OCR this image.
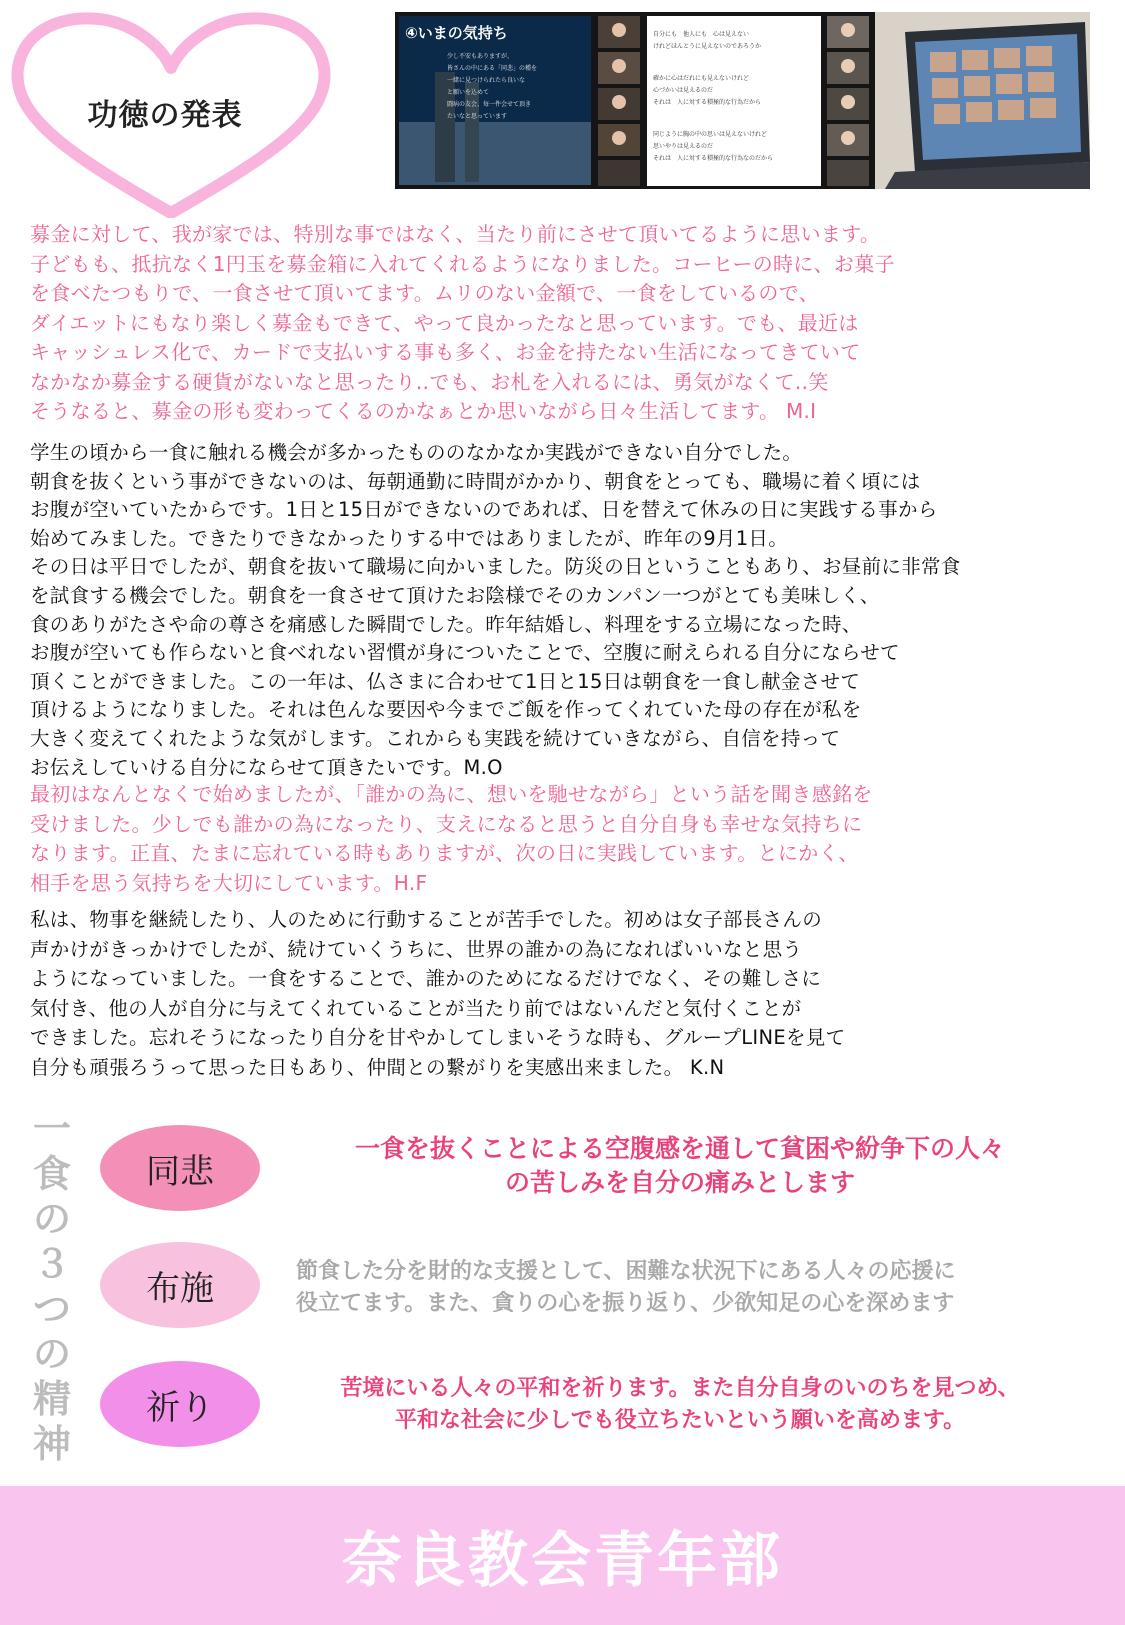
功徳の発表
④いまの気持ち
少し不安もありますが、
皆さんの中にある「同悲」の種を
一緒に見つけられたら良いな
と願いを込めて
闘病の友会、毎一件会せて頂き
たいなと思っています
自分にも　他人にも　心は見えない
けれどほんとうに見えないのであろうか
確かに心はだれにも見えないけれど
心づかいは見えるのだ
それは　人に対する積極的な行為だから
同じように胸の中の思いは見えないけれど
思いやりは見えるのだ
それは　人に対する積極的な行為なのだから
募金に対して、我が家では、特別な事ではなく、当たり前にさせて頂いてるように思います。
子どもも、抵抗なく1円玉を募金箱に入れてくれるようになりました。コーヒーの時に、お菓子
を食べたつもりで、一食させて頂いてます。ムリのない金額で、一食をしているので、
ダイエットにもなり楽しく募金もできて、やって良かったなと思っています。でも、最近は
キャッシュレス化で、カードで支払いする事も多く、お金を持たない生活になってきていて
なかなか募金する硬貨がないなと思ったり‥でも、お札を入れるには、勇気がなくて‥笑
そうなると、募金の形も変わってくるのかなぁとか思いながら日々生活してます。 M.I
学生の頃から一食に触れる機会が多かったもののなかなか実践ができない自分でした。
朝食を抜くという事ができないのは、毎朝通勤に時間がかかり、朝食をとっても、職場に着く頃には
お腹が空いていたからです。1日と15日ができないのであれば、日を替えて休みの日に実践する事から
始めてみました。できたりできなかったりする中ではありましたが、昨年の9月1日。
その日は平日でしたが、朝食を抜いて職場に向かいました。防災の日ということもあり、お昼前に非常食
を試食する機会でした。朝食を一食させて頂けたお陰様でそのカンパン一つがとても美味しく、
食のありがたさや命の尊さを痛感した瞬間でした。昨年結婚し、料理をする立場になった時、
お腹が空いても作らないと食べれない習慣が身についたことで、空腹に耐えられる自分にならせて
頂くことができました。この一年は、仏さまに合わせて1日と15日は朝食を一食し献金させて
頂けるようになりました。それは色んな要因や今までご飯を作ってくれていた母の存在が私を
大きく変えてくれたような気がします。これからも実践を続けていきながら、自信を持って
お伝えしていける自分にならせて頂きたいです。M.O
最初はなんとなくで始めましたが、「誰かの為に、想いを馳せながら」という話を聞き感銘を
受けました。少しでも誰かの為になったり、支えになると思うと自分自身も幸せな気持ちに
なります。正直、たまに忘れている時もありますが、次の日に実践しています。とにかく、
相手を思う気持ちを大切にしています。H.F
私は、物事を継続したり、人のために行動することが苦手でした。初めは女子部長さんの
声かけがきっかけでしたが、続けていくうちに、世界の誰かの為になればいいなと思う
ようになっていました。一食をすることで、誰かのためになるだけでなく、その難しさに
気付き、他の人が自分に与えてくれていることが当たり前ではないんだと気付くことが
できました。忘れそうになったり自分を甘やかしてしまいそうな時も、グループLINEを見て
自分も頑張ろうって思った日もあり、仲間との繋がりを実感出来ました。 K.N
一
食
の
３
つ
の
精
神
同悲
一食を抜くことによる空腹感を通して貧困や紛争下の人々
の苦しみを自分の痛みとします
布施	節食した分を財的な支援として、困難な状況下にある人々の応援に
役立てます。また、貪りの心を振り返り、少欲知足の心を深めます
祈り	苦境にいる人々の平和を祈ります。また自分自身のいのちを見つめ、
平和な社会に少しでも役立ちたいという願いを高めます。
奈良教会青年部
